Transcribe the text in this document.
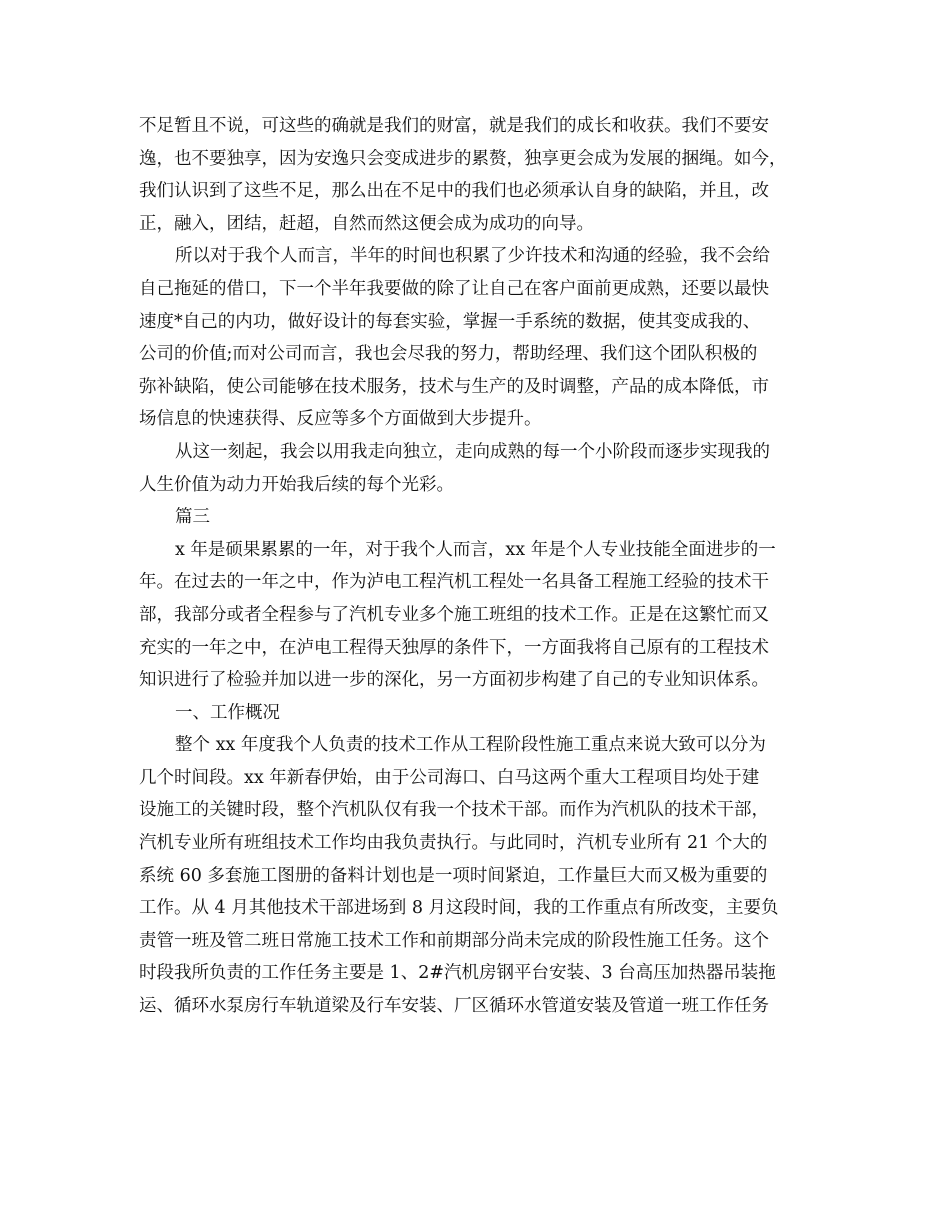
不足暂且不说，可这些的确就是我们的财富，就是我们的成长和收获。我们不要安
逸，也不要独享，因为安逸只会变成进步的累赘，独享更会成为发展的捆绳。如今，
我们认识到了这些不足，那么出在不足中的我们也必须承认自身的缺陷，并且，改
正，融入，团结，赶超，自然而然这便会成为成功的向导。
所以对于我个人而言，半年的时间也积累了少许技术和沟通的经验，我不会给
自己拖延的借口，下一个半年我要做的除了让自己在客户面前更成熟，还要以最快
速度*自己的内功，做好设计的每套实验，掌握一手系统的数据，使其变成我的、
公司的价值;而对公司而言，我也会尽我的努力，帮助经理、我们这个团队积极的
弥补缺陷，使公司能够在技术服务，技术与生产的及时调整，产品的成本降低，市
场信息的快速获得、反应等多个方面做到大步提升。
从这一刻起，我会以用我走向独立，走向成熟的每一个小阶段而逐步实现我的
人生价值为动力开始我后续的每个光彩。
篇三
x 年是硕果累累的一年，对于我个人而言，xx 年是个人专业技能全面进步的一
年。在过去的一年之中，作为泸电工程汽机工程处一名具备工程施工经验的技术干
部，我部分或者全程参与了汽机专业多个施工班组的技术工作。正是在这繁忙而又
充实的一年之中，在泸电工程得天独厚的条件下，一方面我将自己原有的工程技术
知识进行了检验并加以进一步的深化，另一方面初步构建了自己的专业知识体系。
一、工作概况
整个 xx 年度我个人负责的技术工作从工程阶段性施工重点来说大致可以分为
几个时间段。xx 年新春伊始，由于公司海口、白马这两个重大工程项目均处于建
设施工的关键时段，整个汽机队仅有我一个技术干部。而作为汽机队的技术干部，
汽机专业所有班组技术工作均由我负责执行。与此同时，汽机专业所有 21 个大的
系统 60 多套施工图册的备料计划也是一项时间紧迫，工作量巨大而又极为重要的
工作。从 4 月其他技术干部进场到 8 月这段时间，我的工作重点有所改变，主要负
责管一班及管二班日常施工技术工作和前期部分尚未完成的阶段性施工任务。这个
时段我所负责的工作任务主要是 1、2#汽机房钢平台安装、3 台高压加热器吊装拖
运、循环水泵房行车轨道梁及行车安装、厂区循环水管道安装及管道一班工作任务
